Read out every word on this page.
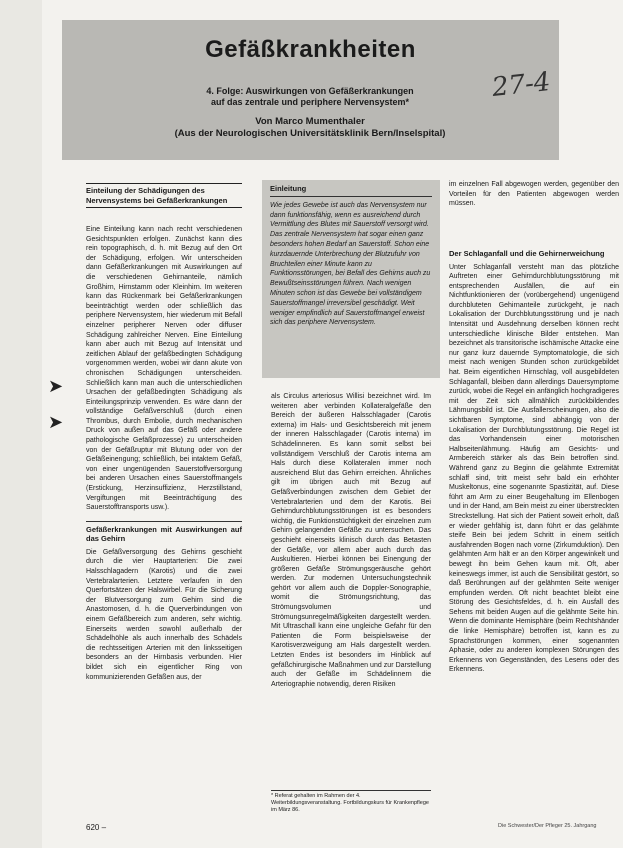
Gefäßkrankheiten
4. Folge: Auswirkungen von Gefäßerkrankungen
auf das zentrale und periphere Nervensystem*
Von Marco Mumenthaler
(Aus der Neurologischen Universitätsklinik Bern/Inselspital)
27-4
Einteilung der Schädigungen des Nervensystems bei Gefäßerkrankungen

Eine Einteilung kann nach recht verschiedenen Gesichtspunkten erfolgen. Zunächst kann dies rein topographisch, d. h. mit Bezug auf den Ort der Schädigung, erfolgen. Wir unterscheiden dann Gefäßerkrankungen mit Auswirkungen auf die verschiedenen Gehirnanteile, nämlich Großhirn, Hirnstamm oder Kleinhirn. Im weiteren kann das Rückenmark bei Gefäßerkrankungen beeinträchtigt werden oder schließlich das periphere Nervensystem, hier wiederum mit Befall einzelner peripherer Nerven oder diffuser Schädigung zahlreicher Nerven. Eine Einteilung kann aber auch mit Bezug auf Intensität und zeitlichen Ablauf der gefäßbedingten Schädigung vorgenommen werden, wobei wir dann akute von chronischen Schädigungen unterscheiden. Schließlich kann man auch die unterschiedlichen Ursachen der gefäßbedingten Schädigung als Einteilungsprinzip verwenden. Es wäre dann der vollständige Gefäßverschluß (durch einen Thrombus, durch Embolie, durch mechanischen Druck von außen auf das Gefäß oder andere pathologische Gefäßprozesse) zu unterscheiden von der Gefäßruptur mit Blutung oder von der Gefäßeinengung; schließlich, bei intaktem Gefäß, von einer ungenügenden Sauerstoffversorgung bei anderen Ursachen eines Sauerstoffmangels (Erstickung, Herzinsuffizienz, Herzstillstand, Vergiftungen mit Beeinträchtigung des Sauerstofftransports usw.).

Gefäßerkrankungen mit Auswirkungen auf das Gehirn

Die Gefäßversorgung des Gehirns geschieht durch die vier Hauptarterien: Die zwei Halsschlagadern (Karotis) und die zwei Vertebralarterien. Letztere verlaufen in den Querfortsätzen der Halswirbel. Für die Sicherung der Blutversorgung zum Gehirn sind die Anastomosen, d. h. die Querverbindungen von einem Gefäßbereich zum anderen, sehr wichtig. Einerseits werden sowohl außerhalb der Schädelhöhle als auch innerhalb des Schädels die rechtsseitigen Arterien mit den linksseitigen besonders an der Hirnbasis verbunden. Hier bildet sich ein eigentlicher Ring von kommunizierenden Gefäßen aus, der

➤
➤
Einleitung
Wie jedes Gewebe ist auch das Nervensystem nur dann funktionsfähig, wenn es ausreichend durch Vermittlung des Blutes mit Sauerstoff versorgt wird. Das zentrale Nervensystem hat sogar einen ganz besonders hohen Bedarf an Sauerstoff. Schon eine kurzdauernde Unterbrechung der Blutzufuhr von Bruchteilen einer Minute kann zu Funktionsstörungen, bei Befall des Gehirns auch zu Bewußtseinsstörungen führen. Nach wenigen Minuten schon ist das Gewebe bei vollständigem Sauerstoffmangel irreversibel geschädigt. Weit weniger empfindlich auf Sauerstoffmangel erweist sich das periphere Nervensystem.

als Circulus arteriosus Willisi bezeichnet wird. Im weiteren aber verbinden Kollateralgefäße den Bereich der äußeren Halsschlagader (Carotis externa) im Hals- und Gesichtsbereich mit jenem der inneren Halsschlagader (Carotis interna) im Schädelinneren. Es kann somit selbst bei vollständigem Verschluß der Carotis interna am Hals durch diese Kollateralen immer noch ausreichend Blut das Gehirn erreichen. Ähnliches gilt im übrigen auch mit Bezug auf Gefäßverbindungen zwischen dem Gebiet der Vertebralarterien und dem der Karotis. Bei Gehirndurchblutungsstörungen ist es besonders wichtig, die Funktionstüchtigkeit der einzelnen zum Gehirn gelangenden Gefäße zu untersuchen. Das geschieht einerseits klinisch durch das Betasten der Gefäße, vor allem aber auch durch das Auskultieren. Hierbei können bei Einengung der größeren Gefäße Strömungsgeräusche gehört werden. Zur modernen Untersuchungstechnik gehört vor allem auch die Doppler-Sonographie, womit die Strömungsrichtung, das Strömungsvolumen und Strömungsunregelmäßigkeiten dargestellt werden. Mit Ultraschall kann eine ungleiche Gefahr für den Patienten die Form beispielsweise der Karotisverzweigung am Hals dargestellt werden. Letzten Endes ist besonders im Hinblick auf gefäßchirurgische Maßnahmen und zur Darstellung auch der Gefäße im Schädelinnern die Arteriographie notwendig, deren Risiken

* Referat gehalten im Rahmen der 4. Weiterbildungsveranstaltung. Fortbildungskurs für Krankenpflege im März 86.

im einzelnen Fall abgewogen werden, gegenüber den Vorteilen für den Patienten abgewogen werden müssen.

Der Schlaganfall und die Gehirnerweichung

Unter Schlaganfall versteht man das plötzliche Auftreten einer Gehirndurchblutungsstörung mit entsprechenden Ausfällen, die auf ein Nichtfunktionieren der (vorübergehend) ungenügend durchbluteten Gehirnanteile zurückgeht, je nach Lokalisation der Durchblutungsstörung und je nach Intensität und Ausdehnung derselben können recht unterschiedliche klinische Bilder entstehen. Man bezeichnet als transitorische ischämische Attacke eine nur ganz kurz dauernde Symptomatologie, die sich meist nach wenigen Stunden schon zurückgebildet hat. Beim eigentlichen Hirnschlag, voll ausgebildeten Schlaganfall, bleiben dann allerdings Dauersymptome zurück, wobei die Regel ein anfänglich hochgradigeres mit der Zeit sich allmählich zurückbildendes Lähmungsbild ist. Die Ausfallerscheinungen, also die sichtbaren Symptome, sind abhängig von der Lokalisation der Durchblutungsstörung. Die Regel ist das Vorhandensein einer motorischen Halbseitenlähmung. Häufig am Gesichts- und Armbereich stärker als das Bein betroffen sind. Während ganz zu Beginn die gelähmte Extremität schlaff sind, tritt meist sehr bald ein erhöhter Muskeltonus, eine sogenannte Spastizität, auf. Diese führt am Arm zu einer Beugehaltung im Ellenbogen und in der Hand, am Bein meist zu einer überstreckten Streckstellung. Hat sich der Patient soweit erholt, daß er wieder gehfähig ist, dann führt er das gelähmte steife Bein bei jedem Schritt in einem seitlich ausfahrenden Bogen nach vorne (Zirkumduktion). Den gelähmten Arm hält er an den Körper angewinkelt und bewegt ihn beim Gehen kaum mit. Oft, aber keineswegs immer, ist auch die Sensibilität gestört, so daß Berührungen auf der gelähmten Seite weniger empfunden werden. Oft nicht beachtet bleibt eine Störung des Gesichtsfeldes, d. h. ein Ausfall des Sehens mit beiden Augen auf die gelähmte Seite hin. Wenn die dominante Hemisphäre (beim Rechtshänder die linke Hemisphäre) betroffen ist, kann es zu Sprachstörungen kommen, einer sogenannten Aphasie, oder zu anderen komplexen Störungen des Erkennens von Gegenständen, des Lesens oder des Erkennens.

620 –	Die Schwester/Der Pfleger 25. Jahrgang
